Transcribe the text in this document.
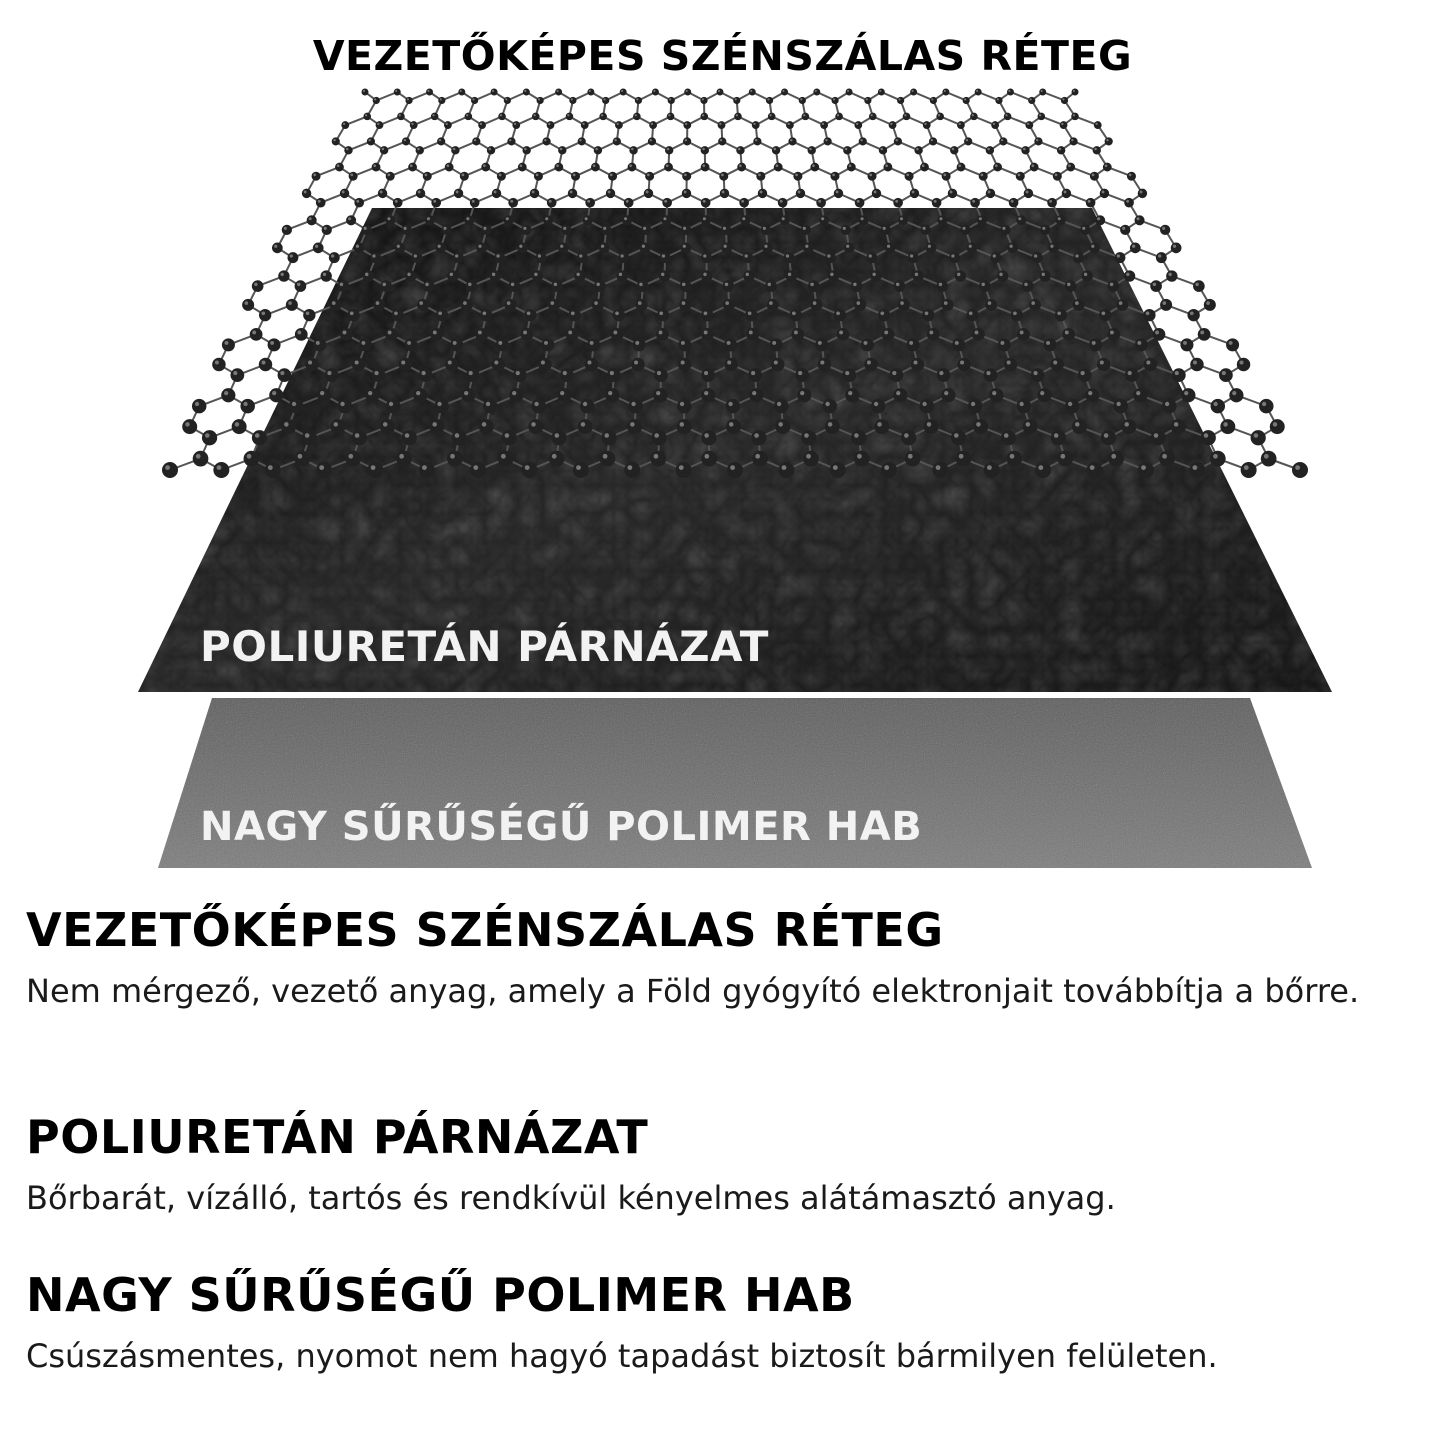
VEZETŐKÉPES SZÉNSZÁLAS RÉTEG
POLIURETÁN PÁRNÁZAT
NAGY SŰRŰSÉGŰ POLIMER HAB
VEZETŐKÉPES SZÉNSZÁLAS RÉTEG

Nem mérgező, vezető anyag, amely a Föld gyógyító elektronjait továbbítja a bőrre.

POLIURETÁN PÁRNÁZAT

Bőrbarát, vízálló, tartós és rendkívül kényelmes alátámasztó anyag.

NAGY SŰRŰSÉGŰ POLIMER HAB

Csúszásmentes, nyomot nem hagyó tapadást biztosít bármilyen felületen.
